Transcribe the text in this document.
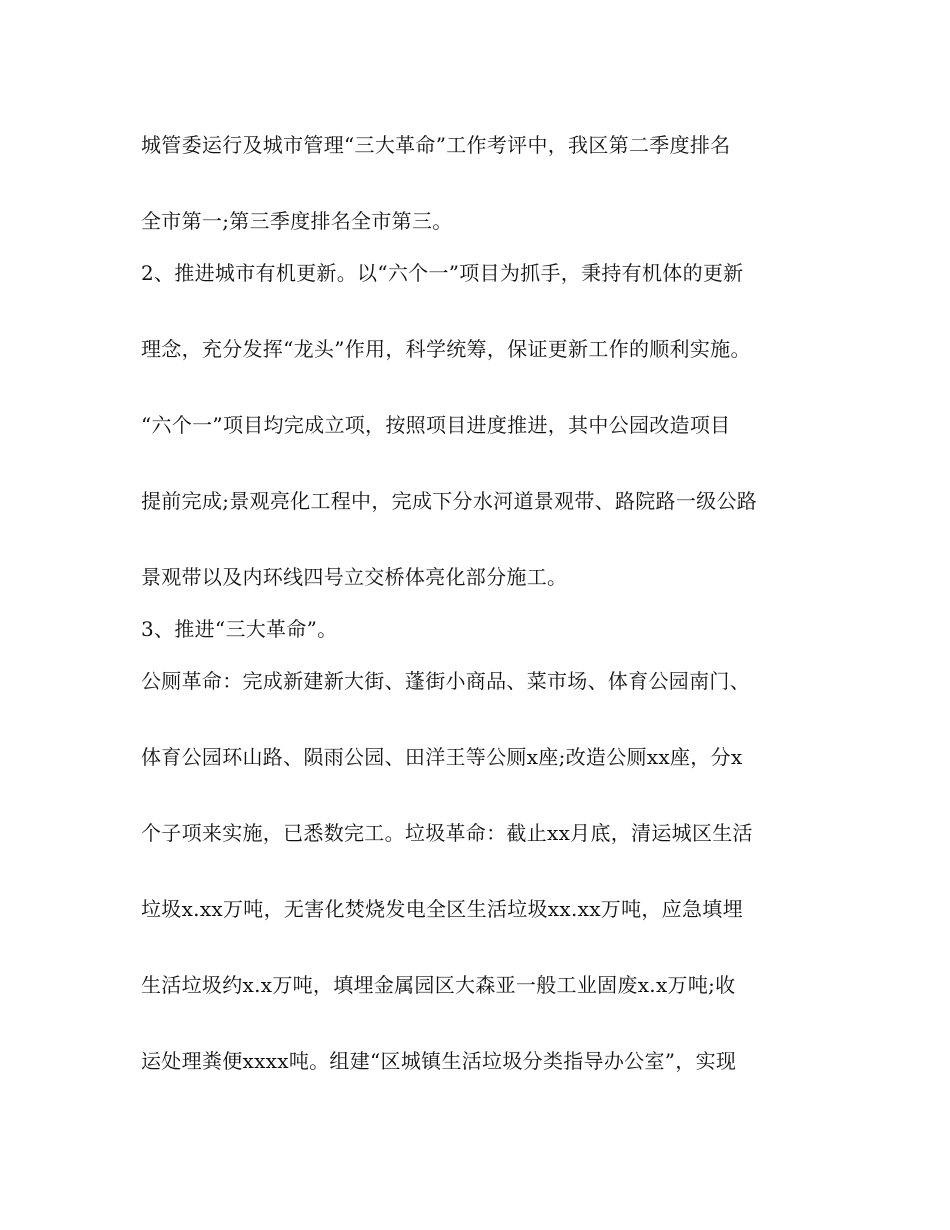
城管委运行及城市管理“三大革命”工作考评中，我区第二季度排名

全市第一;第三季度排名全市第三。

2、推进城市有机更新。以“六个一”项目为抓手，秉持有机体的更新

理念，充分发挥“龙头”作用，科学统筹，保证更新工作的顺利实施。

“六个一”项目均完成立项，按照项目进度推进，其中公园改造项目

提前完成;景观亮化工程中，完成下分水河道景观带、路院路一级公路

景观带以及内环线四号立交桥体亮化部分施工。

3、推进“三大革命”。

公厕革命：完成新建新大街、蓬街小商品、菜市场、体育公园南门、

体育公园环山路、陨雨公园、田洋王等公厕x座;改造公厕xx座，分x

个子项来实施，已悉数完工。垃圾革命：截止xx月底，清运城区生活

垃圾x.xx万吨，无害化焚烧发电全区生活垃圾xx.xx万吨，应急填埋

生活垃圾约x.x万吨，填埋金属园区大森亚一般工业固废x.x万吨;收

运处理粪便xxxx吨。组建“区城镇生活垃圾分类指导办公室”，实现
